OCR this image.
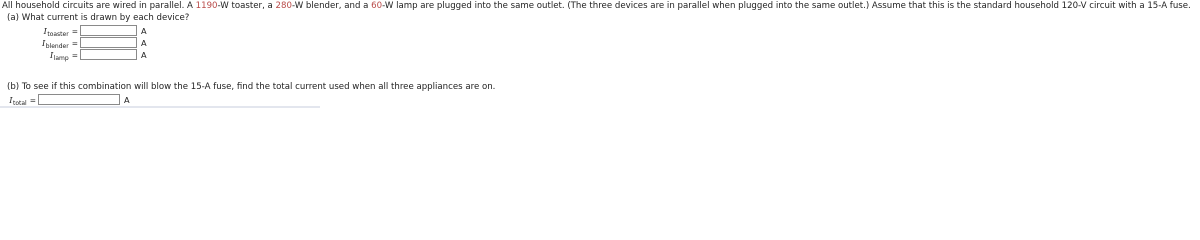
All household circuits are wired in parallel. A 1190-W toaster, a 280-W blender, and a 60-W lamp are plugged into the same outlet. (The three devices are in parallel when plugged into the same outlet.) Assume that this is the standard household 120-V circuit with a 15-A fuse.
(a) What current is drawn by each device?
I toaster =	A
I blender =	A
I lamp =	A
(b) To see if this combination will blow the 15-A fuse, find the total current used when all three appliances are on.
I total =	A
